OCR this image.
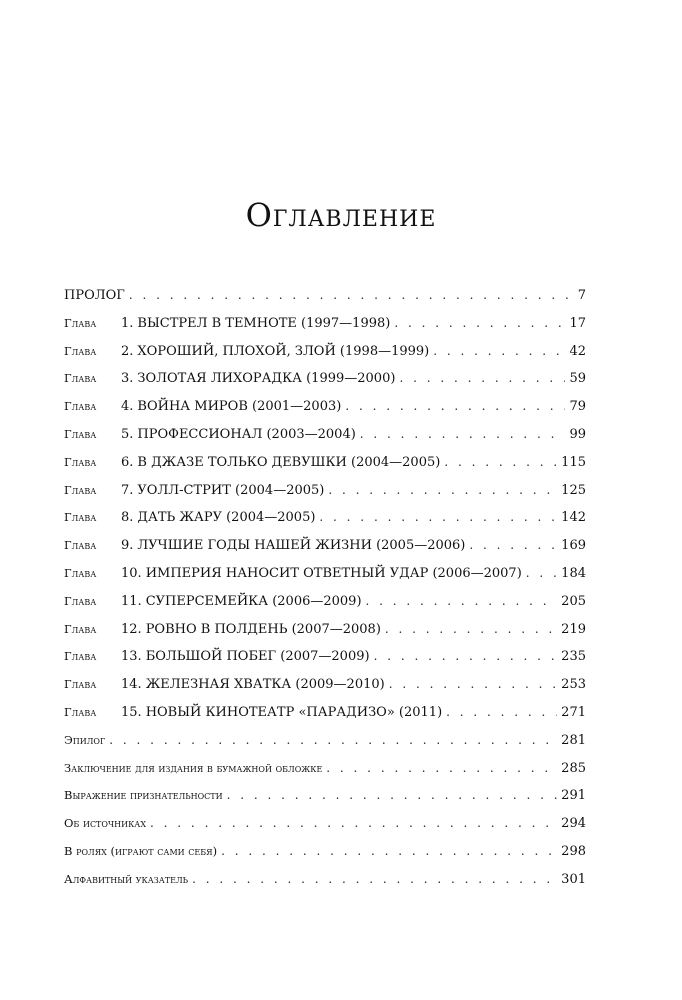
Оглавление
ПРОЛОГ . . .	7
Глава 1. ВЫСТРЕЛ В ТЕМНОТЕ (1997—1998) . . .	17
Глава 2. ХОРОШИЙ, ПЛОХОЙ, ЗЛОЙ (1998—1999) . . .	42
Глава 3. ЗОЛОТАЯ ЛИХОРАДКА (1999—2000) . . .	59
Глава 4. ВОЙНА МИРОВ (2001—2003) . . .	79
Глава 5. ПРОФЕССИОНАЛ (2003—2004) . . .	99
Глава 6. В ДЖАЗЕ ТОЛЬКО ДЕВУШКИ (2004—2005) . . .	115
Глава 7. УОЛЛ-СТРИТ (2004—2005) . . .	125
Глава 8. ДАТЬ ЖАРУ (2004—2005) . . .	142
Глава 9. ЛУЧШИЕ ГОДЫ НАШЕЙ ЖИЗНИ (2005—2006) . . .	169
Глава 10. ИМПЕРИЯ НАНОСИТ ОТВЕТНЫЙ УДАР (2006—2007) . . .	184
Глава 11. СУПЕРСЕМЕЙКА (2006—2009) . . .	205
Глава 12. РОВНО В ПОЛДЕНЬ (2007—2008) . . .	219
Глава 13. БОЛЬШОЙ ПОБЕГ (2007—2009) . . .	235
Глава 14. ЖЕЛЕЗНАЯ ХВАТКА (2009—2010) . . .	253
Глава 15. НОВЫЙ КИНОТЕАТР «ПАРАДИЗО» (2011) . . .	271
Эпилог . . .	281
Заключение для издания в бумажной обложке . . .	285
Выражение признательности . . .	291
Об источниках . . .	294
В ролях (играют сами себя) . . .	298
Алфавитный указатель . . .	301
